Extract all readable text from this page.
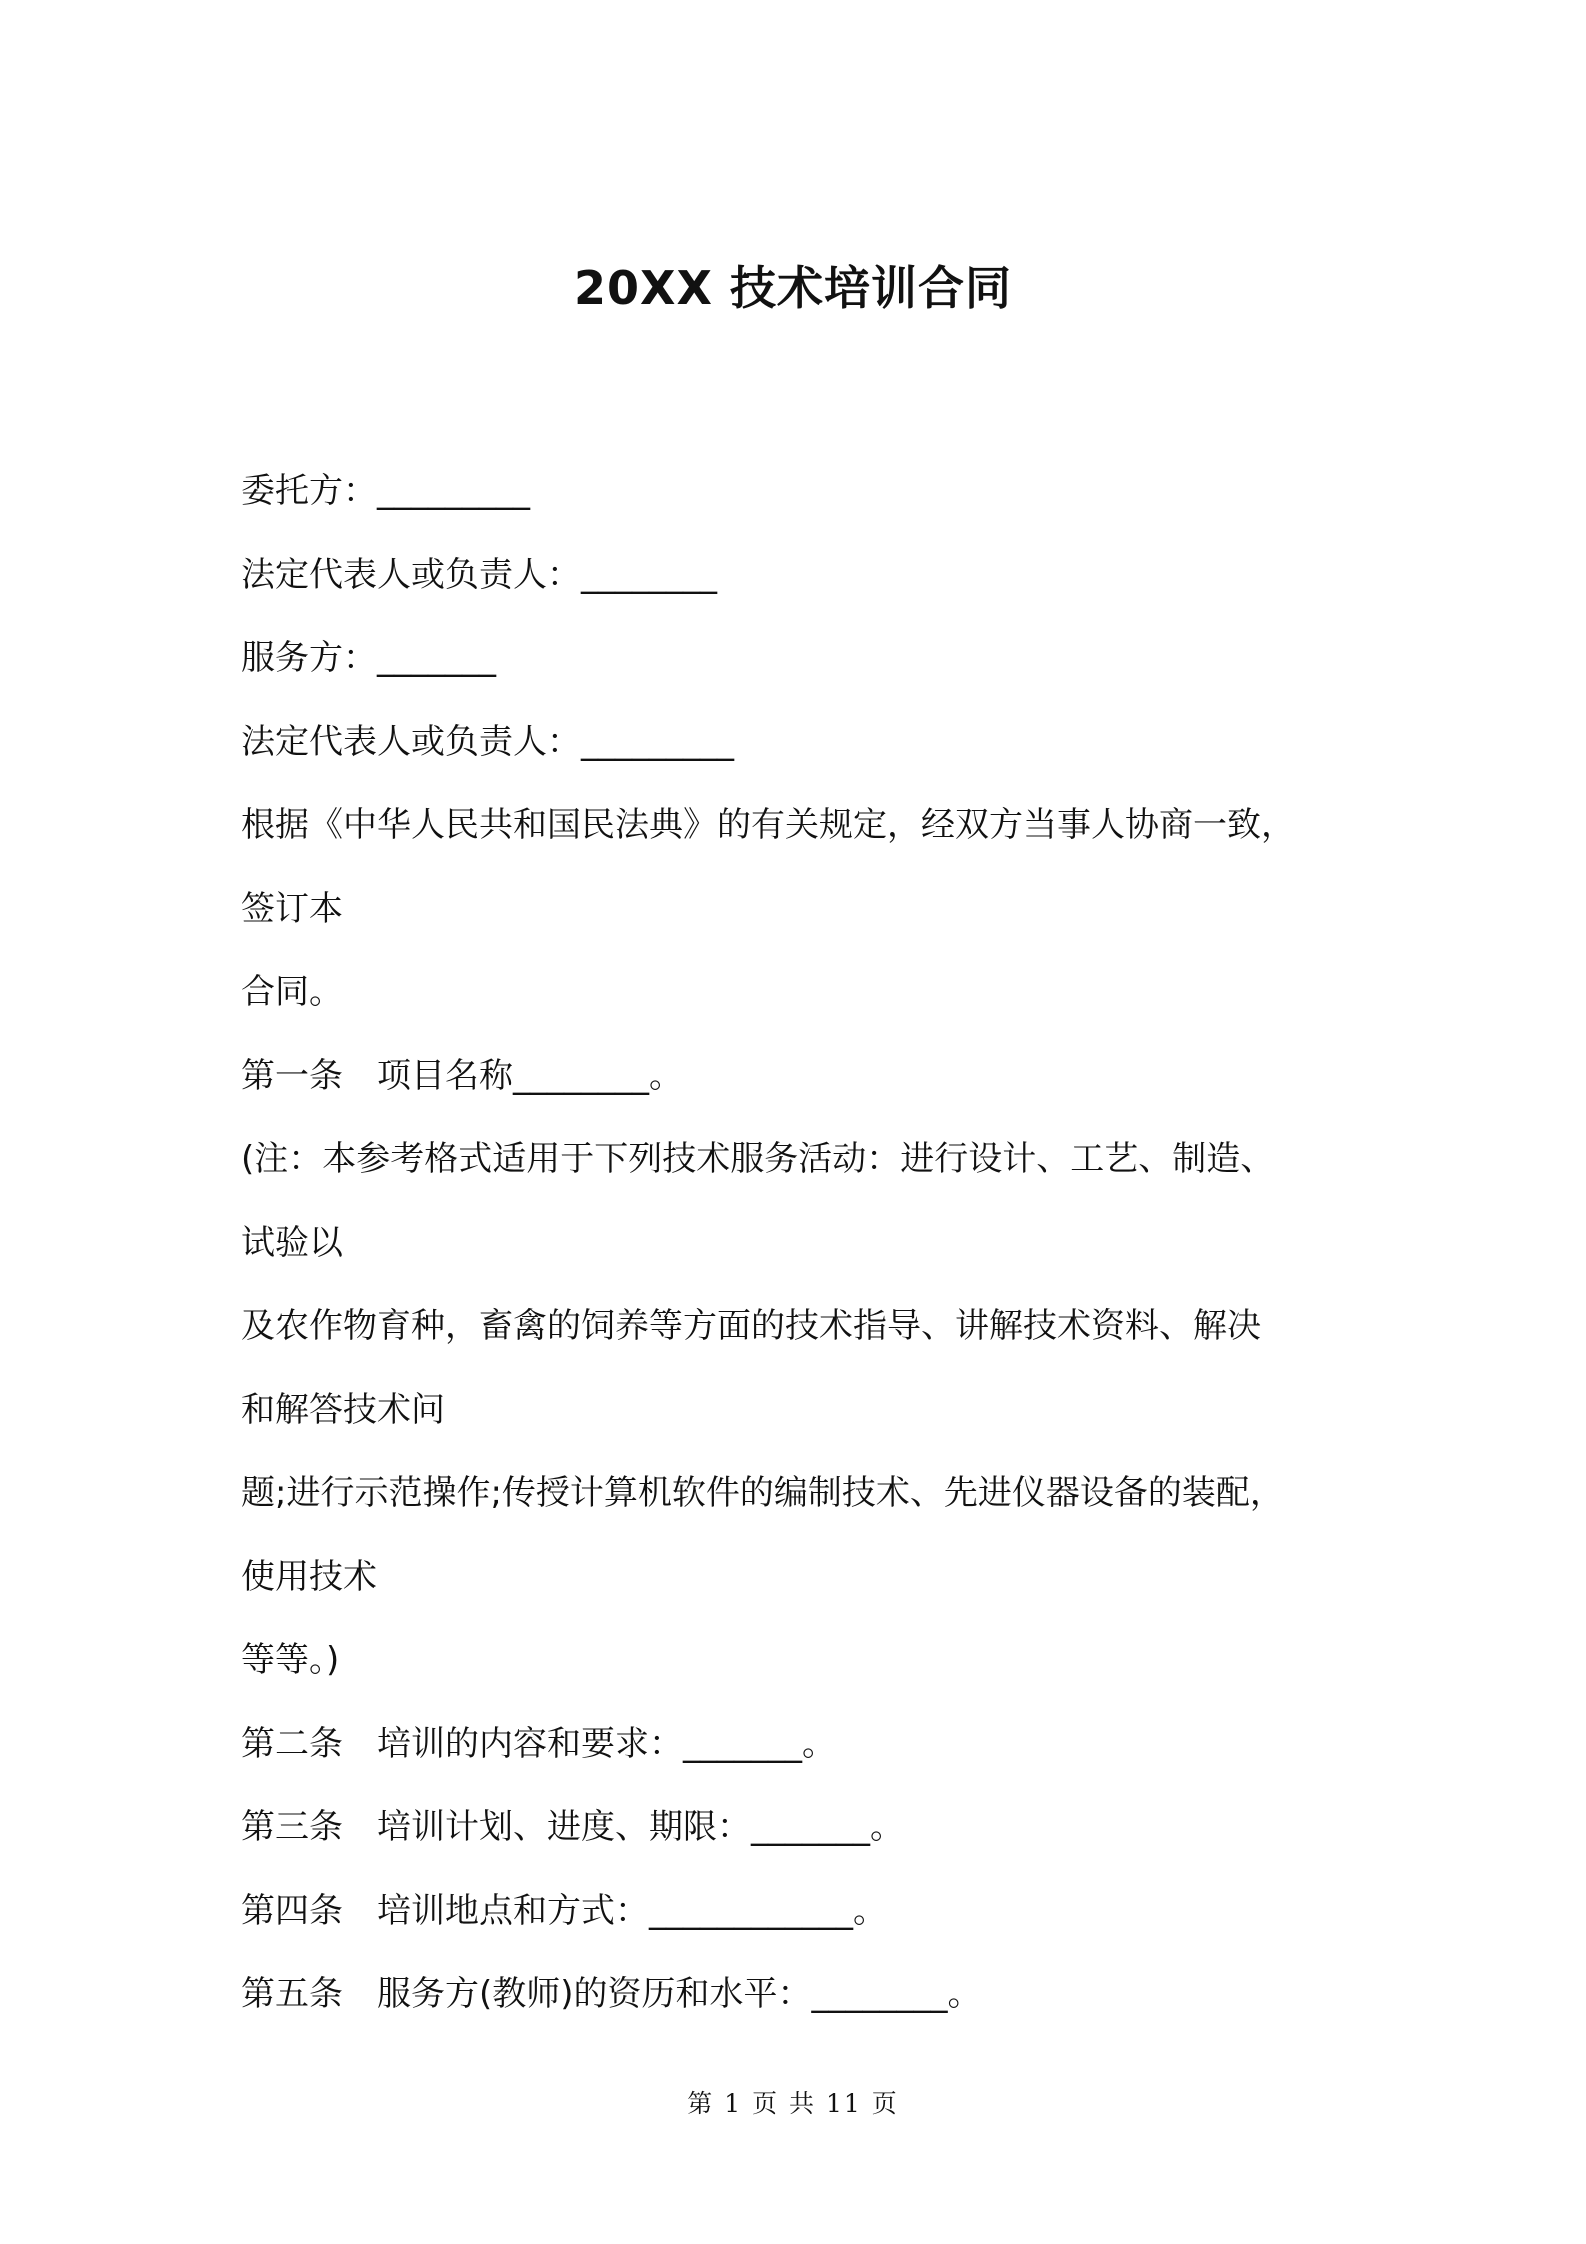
20XX 技术培训合同
委托方：_________
法定代表人或负责人：________
服务方：_______
法定代表人或负责人：_________
根据《中华人民共和国民法典》的有关规定，经双方当事人协商一致，
签订本
合同。
第一条　项目名称________。
(注：本参考格式适用于下列技术服务活动：进行设计、工艺、制造、
试验以
及农作物育种，畜禽的饲养等方面的技术指导、讲解技术资料、解决
和解答技术问
题;进行示范操作;传授计算机软件的编制技术、先进仪器设备的装配，
使用技术
等等。)
第二条　培训的内容和要求：_______。
第三条　培训计划、进度、期限：_______。
第四条　培训地点和方式：____________。
第五条　服务方(教师)的资历和水平：________。
第 1 页 共 11 页
